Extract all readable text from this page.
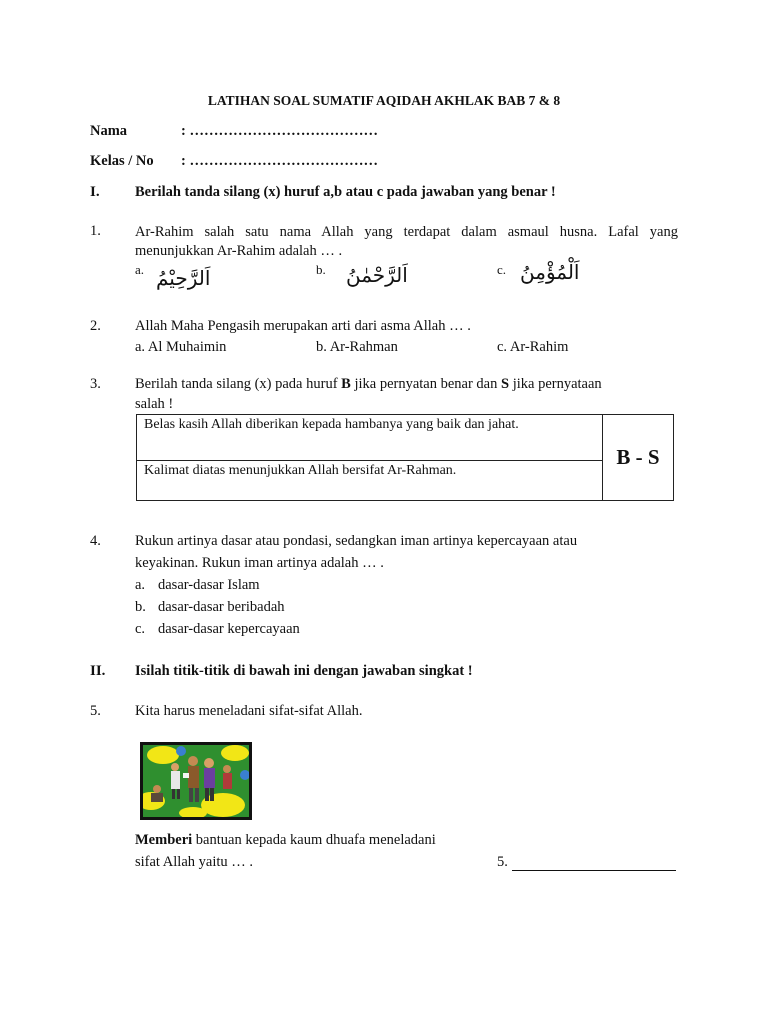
LATIHAN SOAL SUMATIF AQIDAH AKHLAK BAB 7 & 8
Nama	: …………………………………
Kelas / No : …………………………………
I. Berilah tanda silang (x) huruf a,b atau c pada jawaban yang benar !
1. Ar-Rahim salah satu nama Allah yang terdapat dalam asmaul husna. Lafal yang menunjukkan Ar-Rahim adalah … .
a. اَلرَّحِيْمُ	b. اَلرَّحْمٰنُ	c. اَلْمُؤْمِنُ
2. Allah Maha Pengasih merupakan arti dari asma Allah … .
a. Al Muhaimin	b. Ar-Rahman	c. Ar-Rahim
3. Berilah tanda silang (x) pada huruf B jika pernyatan benar dan S jika pernyataan
salah !
Belas kasih Allah diberikan kepada hambanya yang baik dan jahat.
	B - S

Kalimat diatas menunjukkan Allah bersifat Ar-Rahman.
4. Rukun artinya dasar atau pondasi, sedangkan iman artinya kepercayaan atau
keyakinan. Rukun iman artinya adalah … .
a. dasar-dasar Islam
b. dasar-dasar beribadah
c. dasar-dasar kepercayaan
II. Isilah titik-titik di bawah ini dengan jawaban singkat !
5. Kita harus meneladani sifat-sifat Allah.
Memberi bantuan kepada kaum dhuafa meneladani
sifat Allah yaitu … .	5.
